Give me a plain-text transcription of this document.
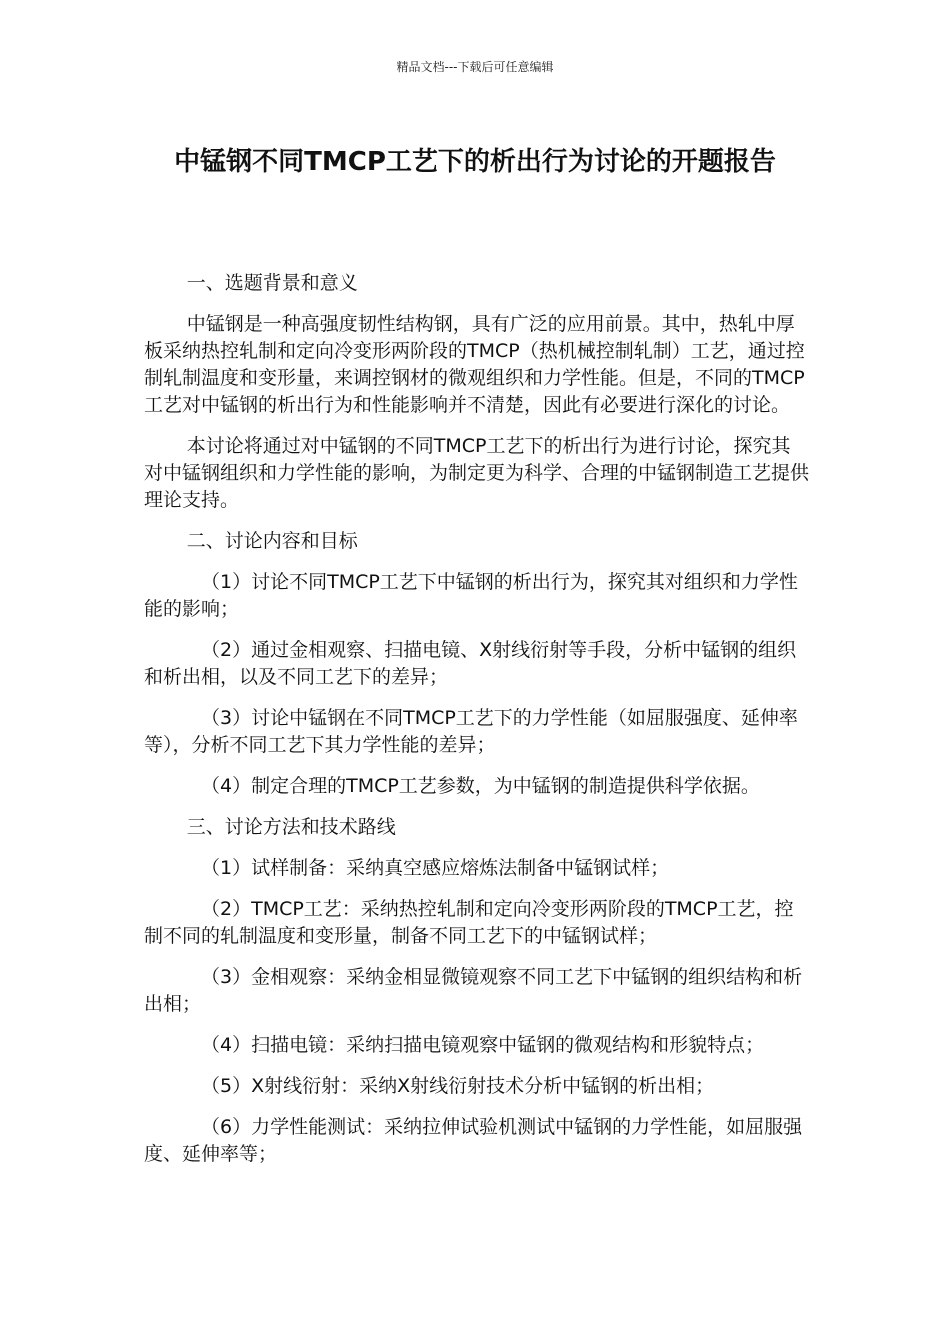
精品文档---下载后可任意编辑
中锰钢不同TMCP工艺下的析出行为讨论的开题报告

一、选题背景和意义

中锰钢是一种高强度韧性结构钢，具有广泛的应用前景。其中，热轧中厚板采纳热控轧制和定向冷变形两阶段的TMCP（热机械控制轧制）工艺，通过控制轧制温度和变形量，来调控钢材的微观组织和力学性能。但是，不同的TMCP工艺对中锰钢的析出行为和性能影响并不清楚，因此有必要进行深化的讨论。

本讨论将通过对中锰钢的不同TMCP工艺下的析出行为进行讨论，探究其对中锰钢组织和力学性能的影响，为制定更为科学、合理的中锰钢制造工艺提供理论支持。

二、讨论内容和目标

（1）讨论不同TMCP工艺下中锰钢的析出行为，探究其对组织和力学性能的影响；

（2）通过金相观察、扫描电镜、X射线衍射等手段，分析中锰钢的组织和析出相，以及不同工艺下的差异；

（3）讨论中锰钢在不同TMCP工艺下的力学性能（如屈服强度、延伸率等），分析不同工艺下其力学性能的差异；

（4）制定合理的TMCP工艺参数，为中锰钢的制造提供科学依据。

三、讨论方法和技术路线

（1）试样制备：采纳真空感应熔炼法制备中锰钢试样；

（2）TMCP工艺：采纳热控轧制和定向冷变形两阶段的TMCP工艺，控制不同的轧制温度和变形量，制备不同工艺下的中锰钢试样；

（3）金相观察：采纳金相显微镜观察不同工艺下中锰钢的组织结构和析出相；

（4）扫描电镜：采纳扫描电镜观察中锰钢的微观结构和形貌特点；

（5）X射线衍射：采纳X射线衍射技术分析中锰钢的析出相；

（6）力学性能测试：采纳拉伸试验机测试中锰钢的力学性能，如屈服强度、延伸率等；
